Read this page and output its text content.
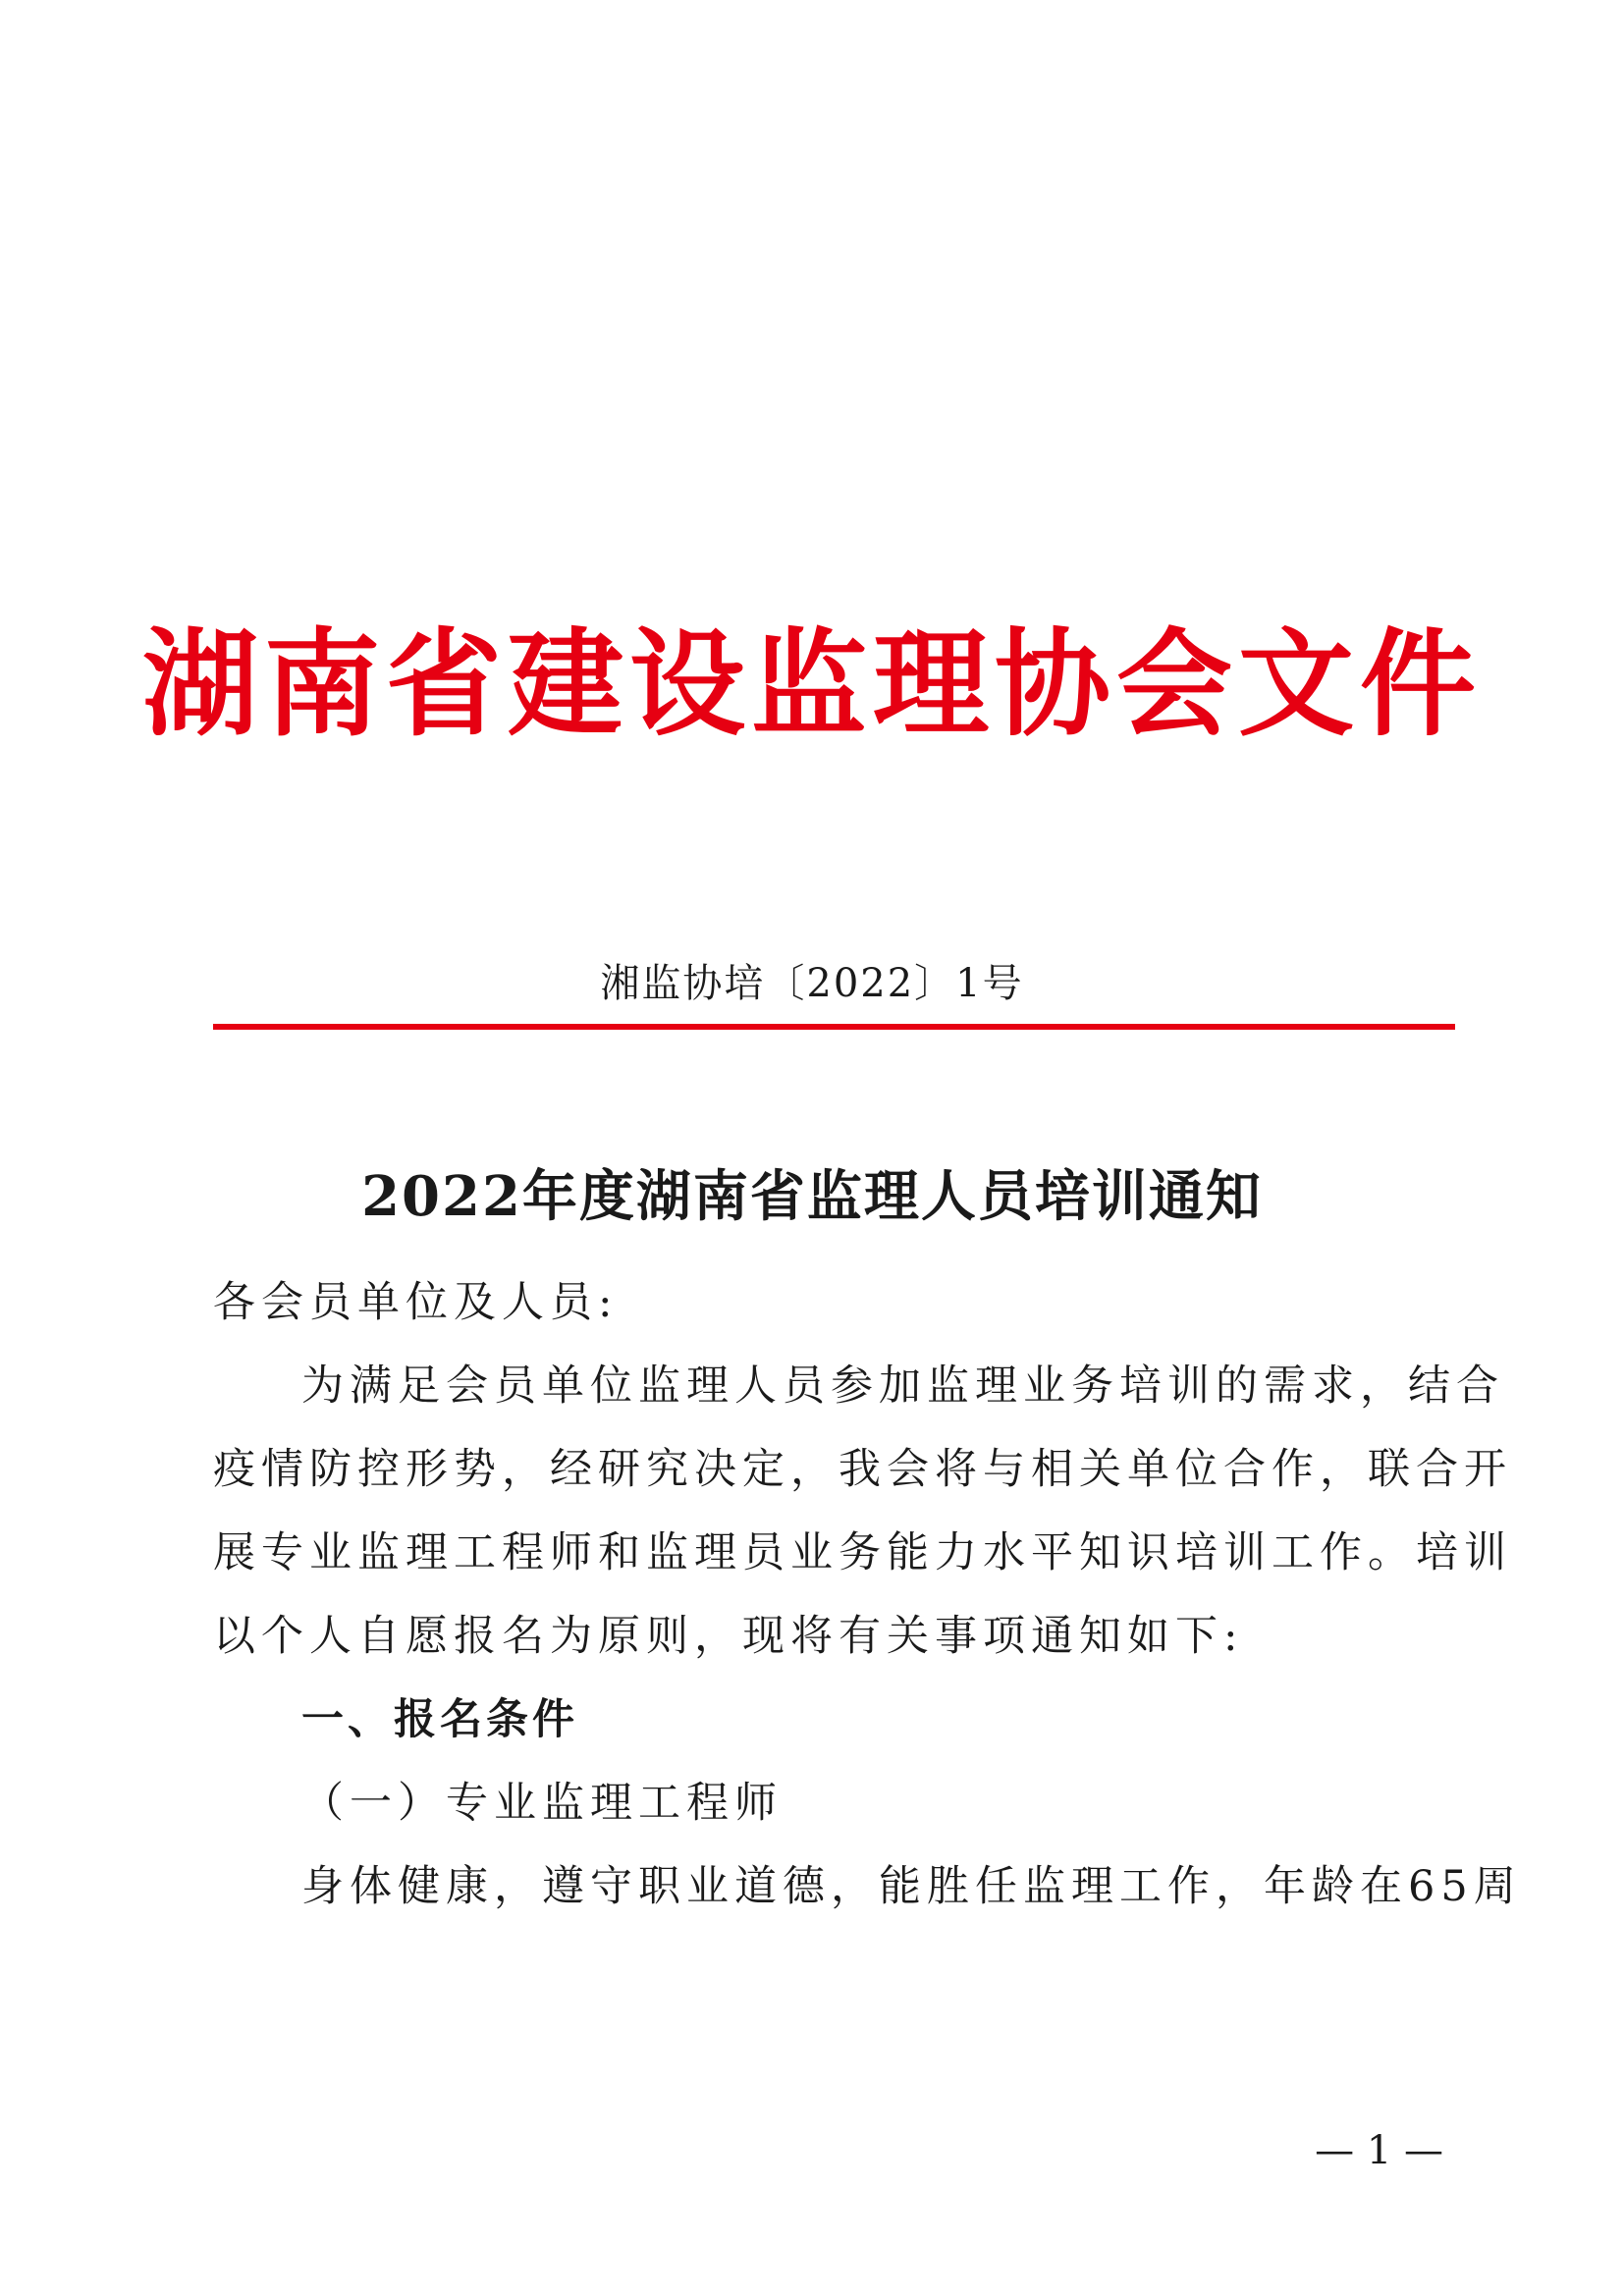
湖南省建设监理协会文件
湘监协培〔2022〕1号
2022年度湖南省监理人员培训通知
各会员单位及人员:
为满足会员单位监理人员参加监理业务培训的需求，结合
疫情防控形势，经研究决定，我会将与相关单位合作，联合开
展专业监理工程师和监理员业务能力水平知识培训工作。培训
以个人自愿报名为原则，现将有关事项通知如下:
一、报名条件
（一）专业监理工程师
身体健康，遵守职业道德，能胜任监理工作，年龄在65周
— 1 —
